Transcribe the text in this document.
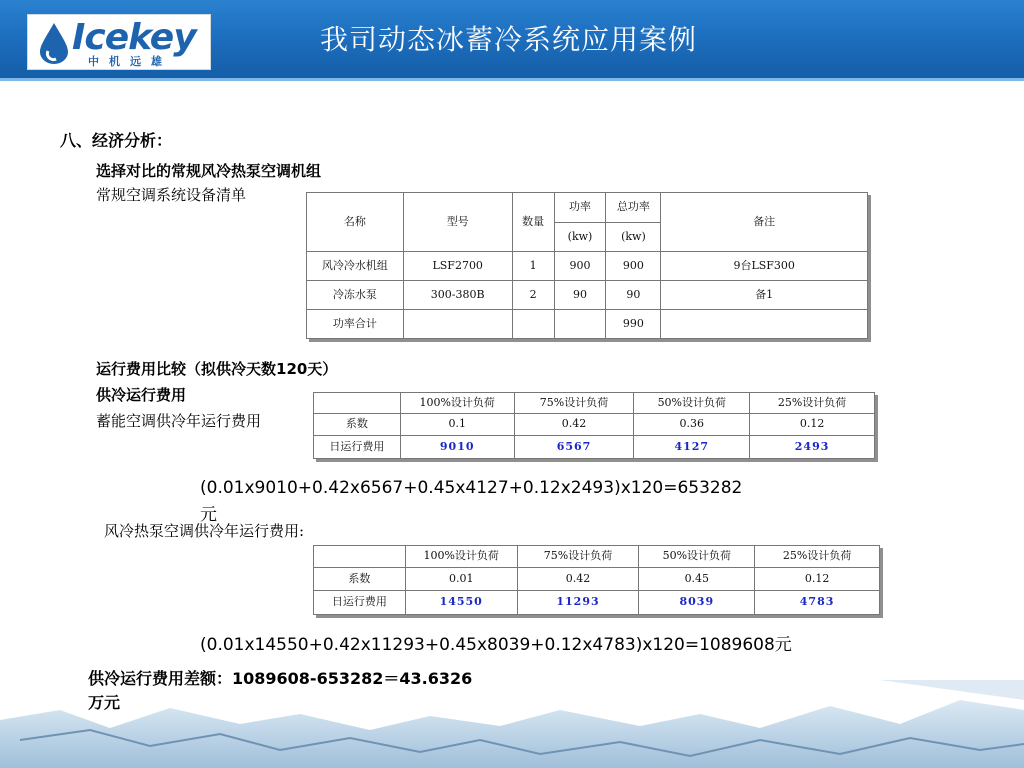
Icekey
中机远雄
我司动态冰蓄冷系统应用案例
八、经济分析：
选择对比的常规风冷热泵空调机组
常规空调系统设备清单
名称	型号	数量	功率	总功率	备注
			(kw)	(kw)	
风冷冷水机组	LSF2700	1	900	900	9台LSF300
冷冻水泵	300-380B	2	90	90	备1
功率合计				990	
运行费用比较（拟供冷天数120天）
供冷运行费用
蓄能空调供冷年运行费用
	100%设计负荷	75%设计负荷	50%设计负荷	25%设计负荷
系数	0.1	0.42	0.36	0.12
日运行费用	9010	6567	4127	2493
(0.01x9010+0.42x6567+0.45x4127+0.12x2493)x120=653282
元
风冷热泵空调供冷年运行费用:
	100%设计负荷	75%设计负荷	50%设计负荷	25%设计负荷
系数	0.01	0.42	0.45	0.12
日运行费用	14550	11293	8039	4783
(0.01x14550+0.42x11293+0.45x8039+0.12x4783)x120=1089608元
供冷运行费用差额：1089608-653282＝43.6326
万元
